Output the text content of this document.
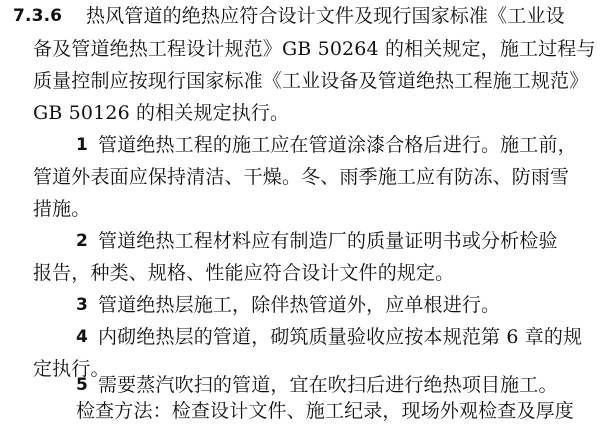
7.3.6 热风管道的绝热应符合设计文件及现行国家标准《工业设
备及管道绝热工程设计规范》GB 50264 的相关规定，施工过程与
质量控制应按现行国家标准《工业设备及管道绝热工程施工规范》
GB 50126 的相关规定执行。
1 管道绝热工程的施工应在管道涂漆合格后进行。施工前，
管道外表面应保持清洁、干燥。冬、雨季施工应有防冻、防雨雪
措施。
2 管道绝热工程材料应有制造厂的质量证明书或分析检验
报告，种类、规格、性能应符合设计文件的规定。
3 管道绝热层施工，除伴热管道外，应单根进行。
4 内砌绝热层的管道，砌筑质量验收应按本规范第 6 章的规
定执行。
5 需要蒸汽吹扫的管道，宜在吹扫后进行绝热项目施工。
检查方法：检查设计文件、施工纪录，现场外观检查及厚度
